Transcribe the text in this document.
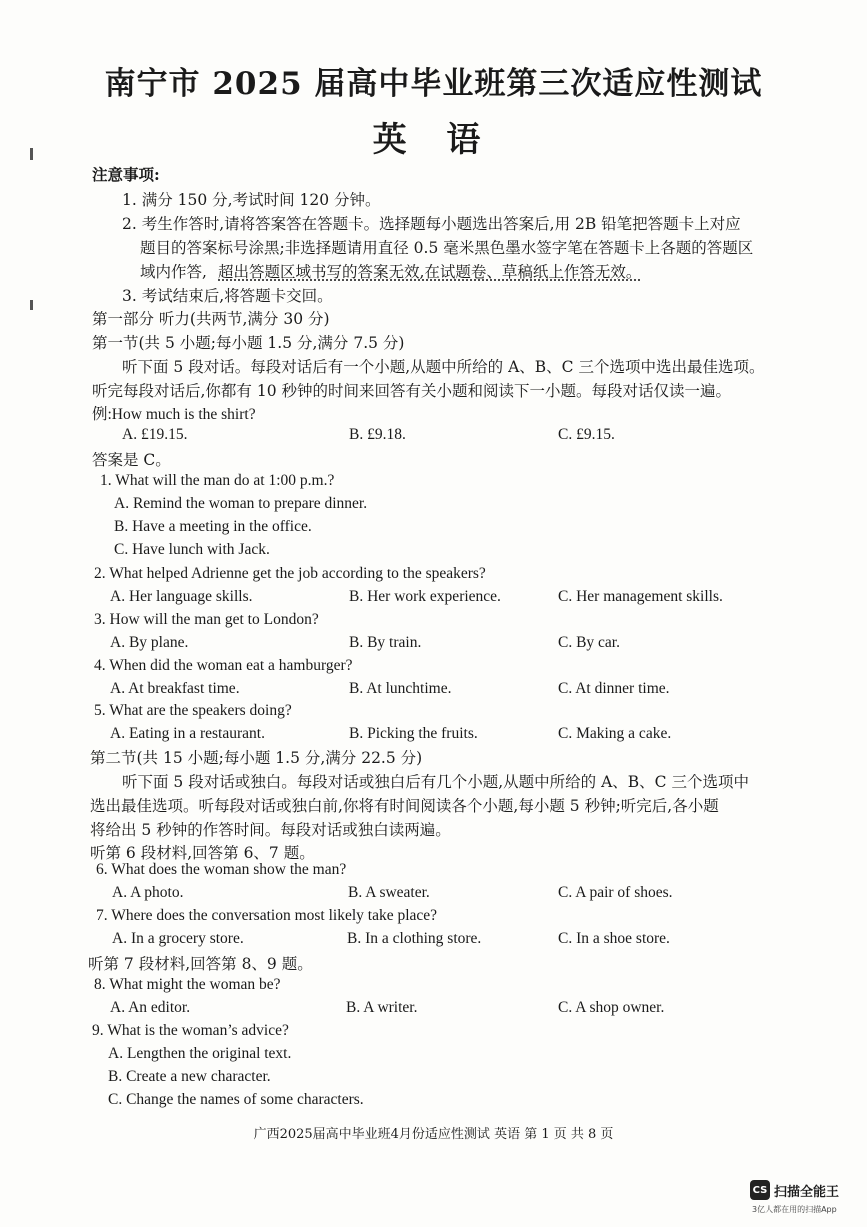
南宁市 2025 届高中毕业班第三次适应性测试
英 语
注意事项:
1. 满分 150 分,考试时间 120 分钟。
2. 考生作答时,请将答案答在答题卡。选择题每小题选出答案后,用 2B 铅笔把答题卡上对应
题目的答案标号涂黑;非选择题请用直径 0.5 毫米黑色墨水签字笔在答题卡上各题的答题区
域内作答, 超出答题区域书写的答案无效,在试题卷、草稿纸上作答无效。
3. 考试结束后,将答题卡交回。
第一部分 听力(共两节,满分 30 分)
第一节(共 5 小题;每小题 1.5 分,满分 7.5 分)
听下面 5 段对话。每段对话后有一个小题,从题中所给的 A、B、C 三个选项中选出最佳选项。
听完每段对话后,你都有 10 秒钟的时间来回答有关小题和阅读下一小题。每段对话仅读一遍。
例:How much is the shirt?
A. £19.15.	B. £9.18.	C. £9.15.
答案是 C。
1. What will the man do at 1:00 p.m.?
A. Remind the woman to prepare dinner.
B. Have a meeting in the office.
C. Have lunch with Jack.
2. What helped Adrienne get the job according to the speakers?
A. Her language skills.	B. Her work experience.	C. Her management skills.
3. How will the man get to London?
A. By plane.	B. By train.	C. By car.
4. When did the woman eat a hamburger?
A. At breakfast time.	B. At lunchtime.	C. At dinner time.
5. What are the speakers doing?
A. Eating in a restaurant.	B. Picking the fruits.	C. Making a cake.
第二节(共 15 小题;每小题 1.5 分,满分 22.5 分)
听下面 5 段对话或独白。每段对话或独白后有几个小题,从题中所给的 A、B、C 三个选项中
选出最佳选项。听每段对话或独白前,你将有时间阅读各个小题,每小题 5 秒钟;听完后,各小题
将给出 5 秒钟的作答时间。每段对话或独白读两遍。
听第 6 段材料,回答第 6、7 题。
6. What does the woman show the man?
A. A photo.	B. A sweater.	C. A pair of shoes.
7. Where does the conversation most likely take place?
A. In a grocery store.	B. In a clothing store.	C. In a shoe store.
听第 7 段材料,回答第 8、9 题。
8. What might the woman be?
A. An editor.	B. A writer.	C. A shop owner.
9. What is the woman’s advice?
A. Lengthen the original text.
B. Create a new character.
C. Change the names of some characters.
广西2025届高中毕业班4月份适应性测试 英语 第 1 页 共 8 页
CS 扫描全能王
3亿人都在用的扫描App
